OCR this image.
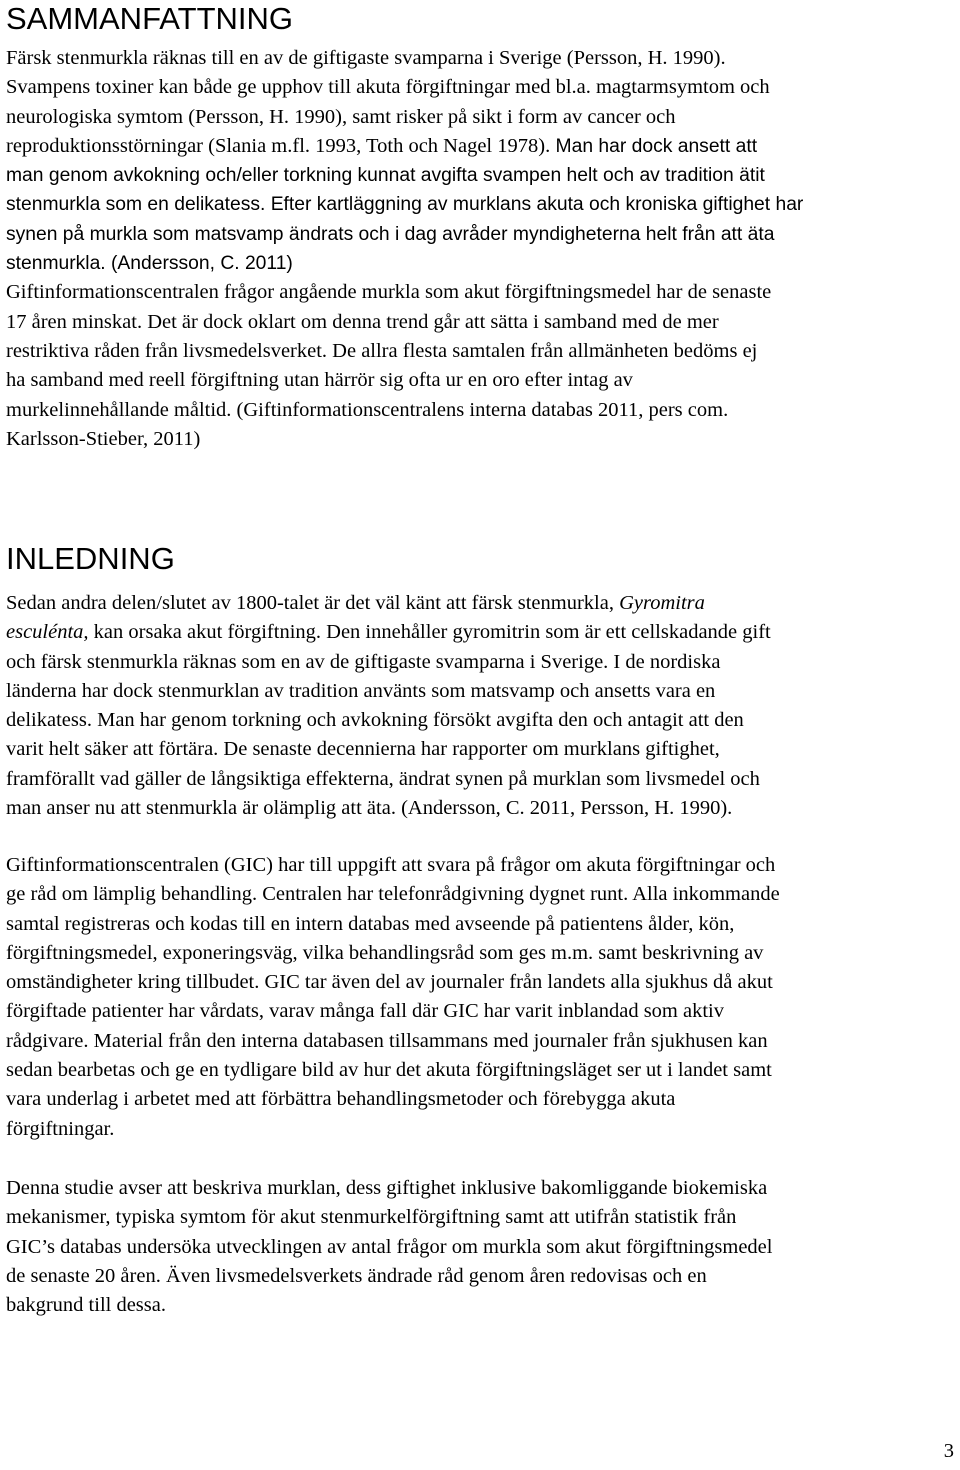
SAMMANFATTNING
Färsk stenmurkla räknas till en av de giftigaste svamparna i Sverige (Persson, H. 1990).
Svampens toxiner kan både ge upphov till akuta förgiftningar med bl.a. magtarmsymtom och
neurologiska symtom (Persson, H. 1990), samt risker på sikt i form av cancer och
reproduktionsstörningar (Slania m.fl. 1993, Toth och Nagel 1978). Man har dock ansett att
man genom avkokning och/eller torkning kunnat avgifta svampen helt och av tradition ätit
stenmurkla som en delikatess. Efter kartläggning av murklans akuta och kroniska giftighet har
synen på murkla som matsvamp ändrats och i dag avråder myndigheterna helt från att äta
stenmurkla. (Andersson, C. 2011)
Giftinformationscentralen frågor angående murkla som akut förgiftningsmedel har de senaste
17 åren minskat. Det är dock oklart om denna trend går att sätta i samband med de mer
restriktiva råden från livsmedelsverket. De allra flesta samtalen från allmänheten bedöms ej
ha samband med reell förgiftning utan härrör sig ofta ur en oro efter intag av
murkelinnehållande måltid. (Giftinformationscentralens interna databas 2011, pers com.
Karlsson-Stieber, 2011)
INLEDNING
Sedan andra delen/slutet av 1800-talet är det väl känt att färsk stenmurkla, Gyromitra
esculénta, kan orsaka akut förgiftning. Den innehåller gyromitrin som är ett cellskadande gift
och färsk stenmurkla räknas som en av de giftigaste svamparna i Sverige. I de nordiska
länderna har dock stenmurklan av tradition använts som matsvamp och ansetts vara en
delikatess. Man har genom torkning och avkokning försökt avgifta den och antagit att den
varit helt säker att förtära. De senaste decennierna har rapporter om murklans giftighet,
framförallt vad gäller de långsiktiga effekterna, ändrat synen på murklan som livsmedel och
man anser nu att stenmurkla är olämplig att äta. (Andersson, C. 2011, Persson, H. 1990).
Giftinformationscentralen (GIC) har till uppgift att svara på frågor om akuta förgiftningar och
ge råd om lämplig behandling. Centralen har telefonrådgivning dygnet runt. Alla inkommande
samtal registreras och kodas till en intern databas med avseende på patientens ålder, kön,
förgiftningsmedel, exponeringsväg, vilka behandlingsråd som ges m.m. samt beskrivning av
omständigheter kring tillbudet. GIC tar även del av journaler från landets alla sjukhus då akut
förgiftade patienter har vårdats, varav många fall där GIC har varit inblandad som aktiv
rådgivare. Material från den interna databasen tillsammans med journaler från sjukhusen kan
sedan bearbetas och ge en tydligare bild av hur det akuta förgiftningsläget ser ut i landet samt
vara underlag i arbetet med att förbättra behandlingsmetoder och förebygga akuta
förgiftningar.
Denna studie avser att beskriva murklan, dess giftighet inklusive bakomliggande biokemiska
mekanismer, typiska symtom för akut stenmurkelförgiftning samt att utifrån statistik från
GIC’s databas undersöka utvecklingen av antal frågor om murkla som akut förgiftningsmedel
de senaste 20 åren. Även livsmedelsverkets ändrade råd genom åren redovisas och en
bakgrund till dessa.
3
